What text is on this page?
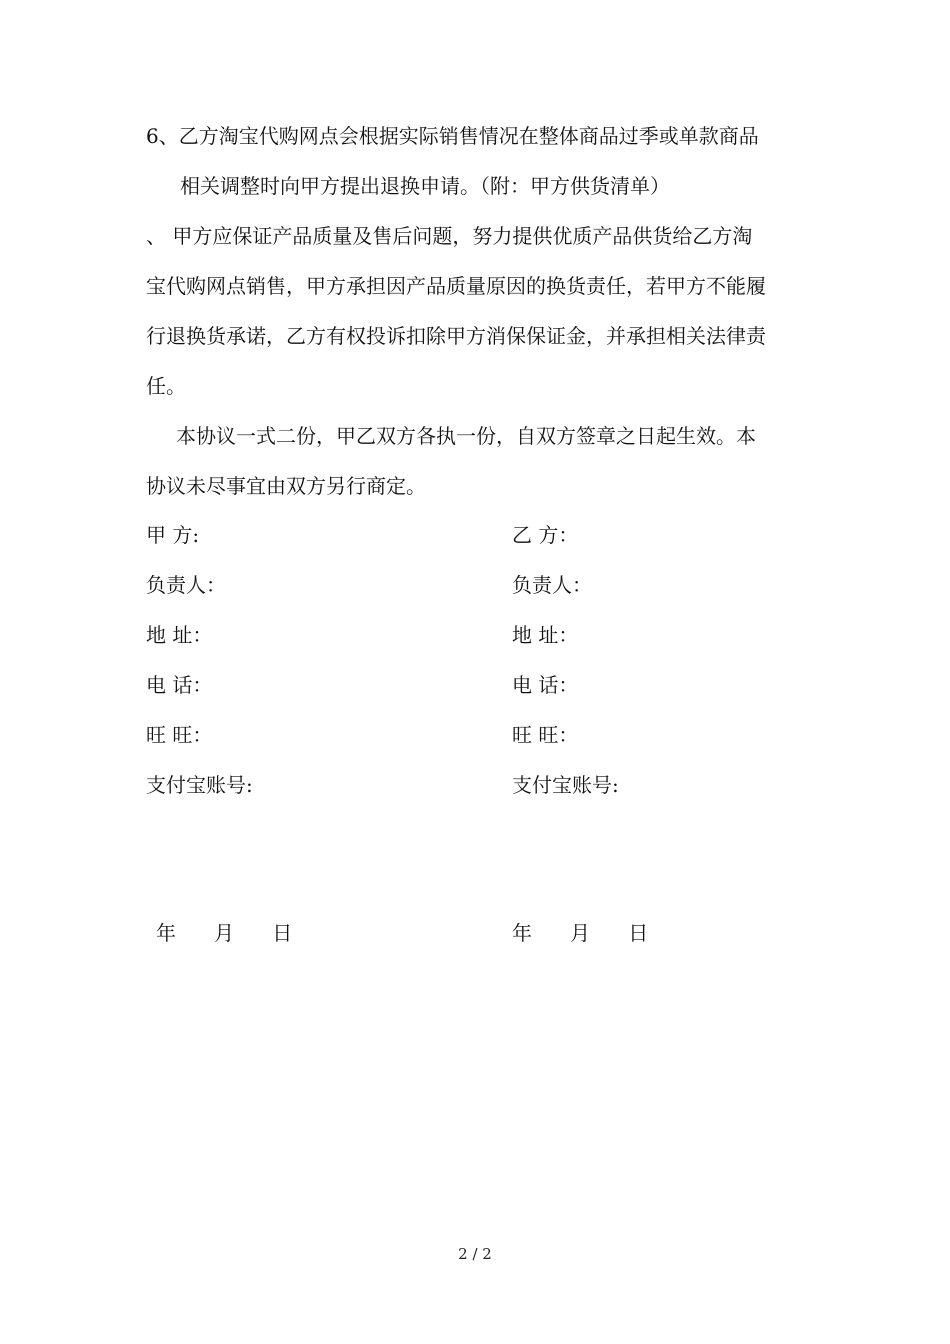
6、乙方淘宝代购网点会根据实际销售情况在整体商品过季或单款商品
相关调整时向甲方提出退换申请。（附：甲方供货清单）
、 甲方应保证产品质量及售后问题，努力提供优质产品供货给乙方淘
宝代购网点销售，甲方承担因产品质量原因的换货责任，若甲方不能履
行退换货承诺，乙方有权投诉扣除甲方消保保证金，并承担相关法律责
任。
本协议一式二份，甲乙双方各执一份，自双方签章之日起生效。本
协议未尽事宜由双方另行商定。
甲 方:
负责人：
地 址：
电 话：
旺 旺：
支付宝账号:
乙 方：
负责人：
地 址：
电 话：
旺 旺：
支付宝账号:
年      月      日	年      月      日
2 / 2
